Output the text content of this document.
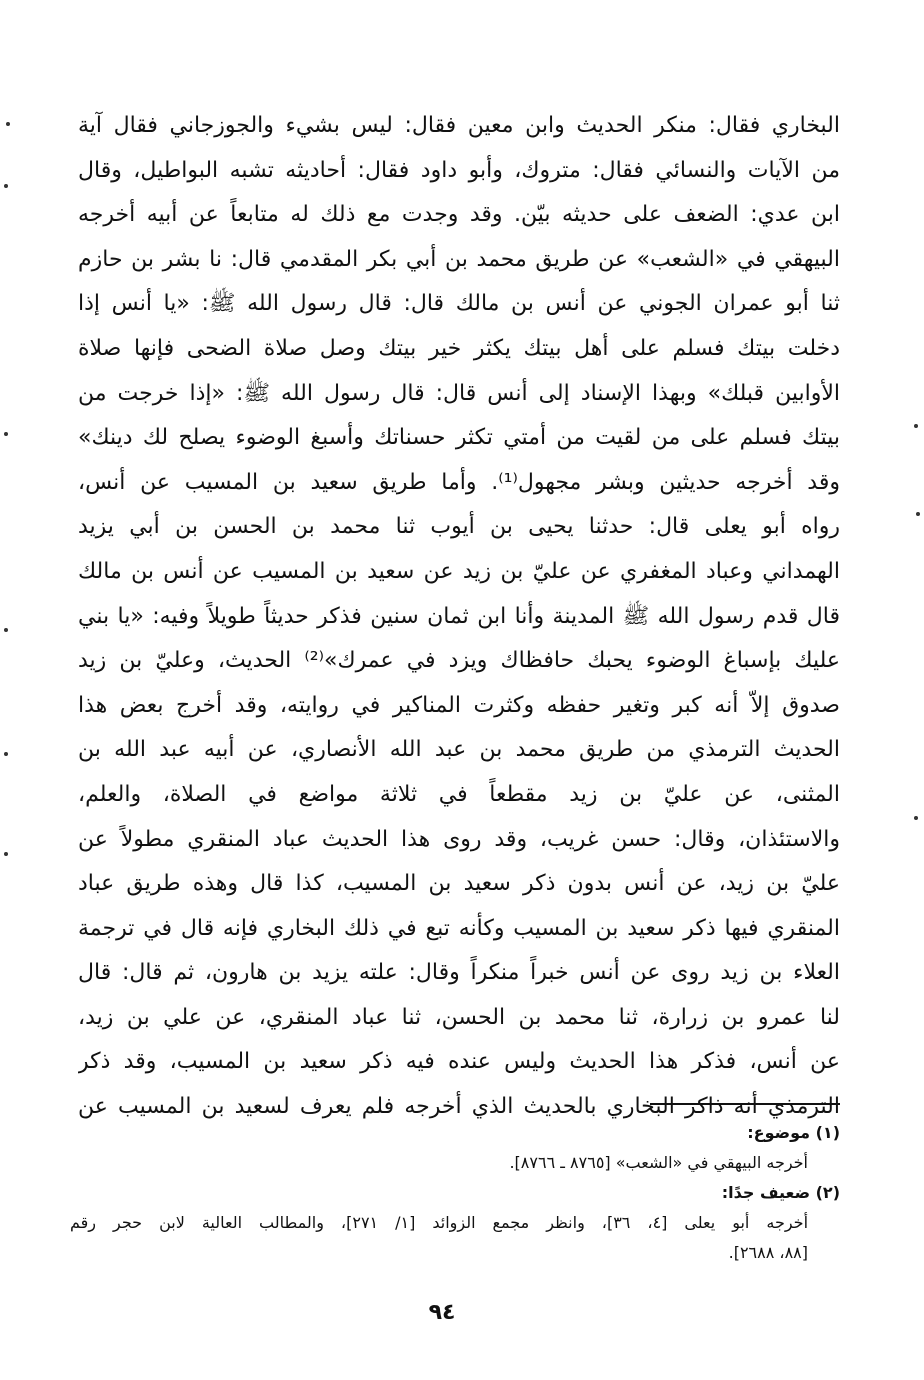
البخاري فقال: منكر الحديث وابن معين فقال: ليس بشيء والجوزجاني فقال آية
من الآيات والنسائي فقال: متروك، وأبو داود فقال: أحاديثه تشبه البواطيل، وقال
ابن عدي: الضعف على حديثه بيّن. وقد وجدت مع ذلك له متابعاً عن أبيه أخرجه
البيهقي في «الشعب» عن طريق محمد بن أبي بكر المقدمي قال: نا بشر بن حازم
ثنا أبو عمران الجوني عن أنس بن مالك قال: قال رسول الله ﷺ: «يا أنس إذا
دخلت بيتك فسلم على أهل بيتك يكثر خير بيتك وصل صلاة الضحى فإنها صلاة
الأوابين قبلك» وبهذا الإسناد إلى أنس قال: قال رسول الله ﷺ: «إذا خرجت من
بيتك فسلم على من لقيت من أمتي تكثر حسناتك وأسبغ الوضوء يصلح لك دينك»
وقد أخرجه حديثين وبشر مجهول⁽¹⁾. وأما طريق سعيد بن المسيب عن أنس،
رواه أبو يعلى قال: حدثنا يحيى بن أيوب ثنا محمد بن الحسن بن أبي يزيد
الهمداني وعباد المغفري عن عليّ بن زيد عن سعيد بن المسيب عن أنس بن مالك
قال قدم رسول الله ﷺ المدينة وأنا ابن ثمان سنين فذكر حديثاً طويلاً وفيه: «يا بني
عليك بإسباغ الوضوء يحبك حافظاك ويزد في عمرك»⁽²⁾ الحديث، وعليّ بن زيد
صدوق إلاّ أنه كبر وتغير حفظه وكثرت المناكير في روايته، وقد أخرج بعض هذا
الحديث الترمذي من طريق محمد بن عبد الله الأنصاري، عن أبيه عبد الله بن
المثنى، عن عليّ بن زيد مقطعاً في ثلاثة مواضع في الصلاة، والعلم،
والاستئذان، وقال: حسن غريب، وقد روى هذا الحديث عباد المنقري مطولاً عن
عليّ بن زيد، عن أنس بدون ذكر سعيد بن المسيب، كذا قال وهذه طريق عباد
المنقري فيها ذكر سعيد بن المسيب وكأنه تبع في ذلك البخاري فإنه قال في ترجمة
العلاء بن زيد روى عن أنس خبراً منكراً وقال: علته يزيد بن هارون، ثم قال: قال
لنا عمرو بن زرارة، ثنا محمد بن الحسن، ثنا عباد المنقري، عن علي بن زيد،
عن أنس، فذكر هذا الحديث وليس عنده فيه ذكر سعيد بن المسيب، وقد ذكر
الترمذي أنه ذاكر البخاري بالحديث الذي أخرجه فلم يعرف لسعيد بن المسيب عن
(١) موضوع:
أخرجه البيهقي في «الشعب» [٨٧٦٥ ـ ٨٧٦٦].
(٢) ضعيف جدًا:
أخرجه أبو يعلى [٤، ٣٦]، وانظر مجمع الزوائد [١/ ٢٧١]، والمطالب العالية لابن حجر رقم
[٨٨، ٢٦٨٨].
٩٤
